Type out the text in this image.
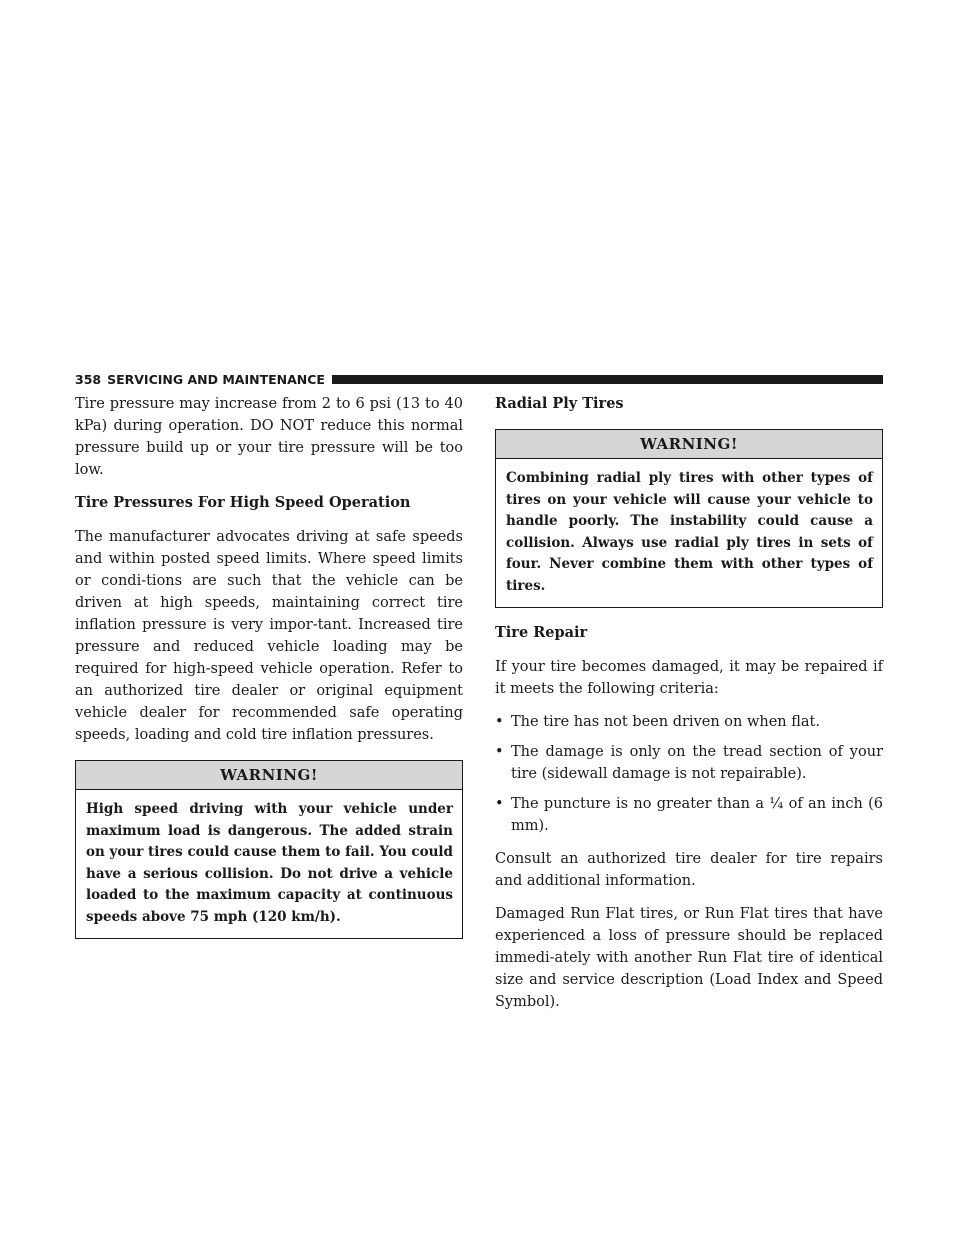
358 SERVICING AND MAINTENANCE

Tire pressure may increase from 2 to 6 psi (13 to 40 kPa) during operation. DO NOT reduce this normal pressure build up or your tire pressure will be too low.

Tire Pressures For High Speed Operation

The manufacturer advocates driving at safe speeds and within posted speed limits. Where speed limits or condi-tions are such that the vehicle can be driven at high speeds, maintaining correct tire inflation pressure is very impor-tant. Increased tire pressure and reduced vehicle loading may be required for high-speed vehicle operation. Refer to an authorized tire dealer or original equipment vehicle dealer for recommended safe operating speeds, loading and cold tire inflation pressures.

WARNING!
High speed driving with your vehicle under maximum load is dangerous. The added strain on your tires could cause them to fail. You could have a serious collision. Do not drive a vehicle loaded to the maximum capacity at continuous speeds above 75 mph (120 km/h).
Radial Ply Tires
WARNING!
Combining radial ply tires with other types of tires on your vehicle will cause your vehicle to handle poorly. The instability could cause a collision. Always use radial ply tires in sets of four. Never combine them with other types of tires.
Tire Repair

If your tire becomes damaged, it may be repaired if it meets the following criteria:

• The tire has not been driven on when flat.
• The damage is only on the tread section of your tire (sidewall damage is not repairable).
• The puncture is no greater than a ¼ of an inch (6 mm).

Consult an authorized tire dealer for tire repairs and additional information.

Damaged Run Flat tires, or Run Flat tires that have experienced a loss of pressure should be replaced immedi-ately with another Run Flat tire of identical size and service description (Load Index and Speed Symbol).
